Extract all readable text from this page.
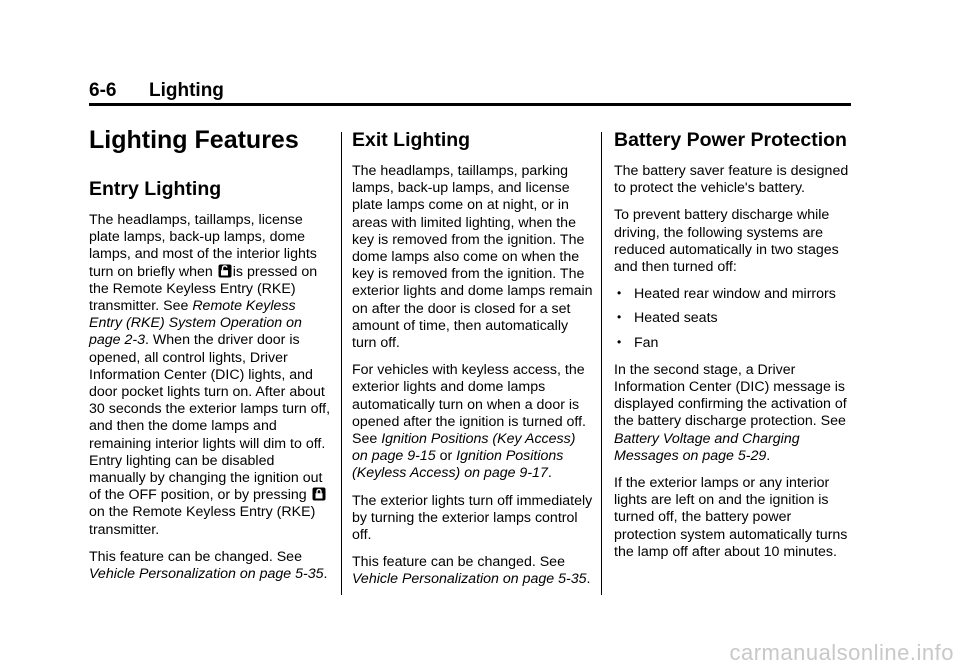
6-6 Lighting
Lighting Features
Entry Lighting

The headlamps, taillamps, license plate lamps, back-up lamps, dome lamps, and most of the interior lights turn on briefly when is pressed on the Remote Keyless Entry (RKE) transmitter. See Remote Keyless Entry (RKE) System Operation on page 2-3. When the driver door is opened, all control lights, Driver Information Center (DIC) lights, and door pocket lights turn on. After about 30 seconds the exterior lamps turn off, and then the dome lamps and remaining interior lights will dim to off. Entry lighting can be disabled manually by changing the ignition out of the OFF position, or by pressing
on the Remote Keyless Entry (RKE) transmitter.

This feature can be changed. See Vehicle Personalization on page 5-35.

Exit Lighting

The headlamps, taillamps, parking lamps, back-up lamps, and license plate lamps come on at night, or in areas with limited lighting, when the key is removed from the ignition. The dome lamps also come on when the key is removed from the ignition. The exterior lights and dome lamps remain on after the door is closed for a set amount of time, then automatically turn off.

For vehicles with keyless access, the exterior lights and dome lamps automatically turn on when a door is opened after the ignition is turned off. See Ignition Positions (Key Access) on page 9-15 or Ignition Positions (Keyless Access) on page 9-17.

The exterior lights turn off immediately by turning the exterior lamps control off.

This feature can be changed. See Vehicle Personalization on page 5-35.

Battery Power Protection

The battery saver feature is designed to protect the vehicle's battery.

To prevent battery discharge while driving, the following systems are reduced automatically in two stages and then turned off:

• Heated rear window and mirrors
• Heated seats
• Fan

In the second stage, a Driver Information Center (DIC) message is displayed confirming the activation of the battery discharge protection. See Battery Voltage and Charging Messages on page 5-29.

If the exterior lamps or any interior lights are left on and the ignition is turned off, the battery power protection system automatically turns the lamp off after about 10 minutes.

carmanualsonline.info
